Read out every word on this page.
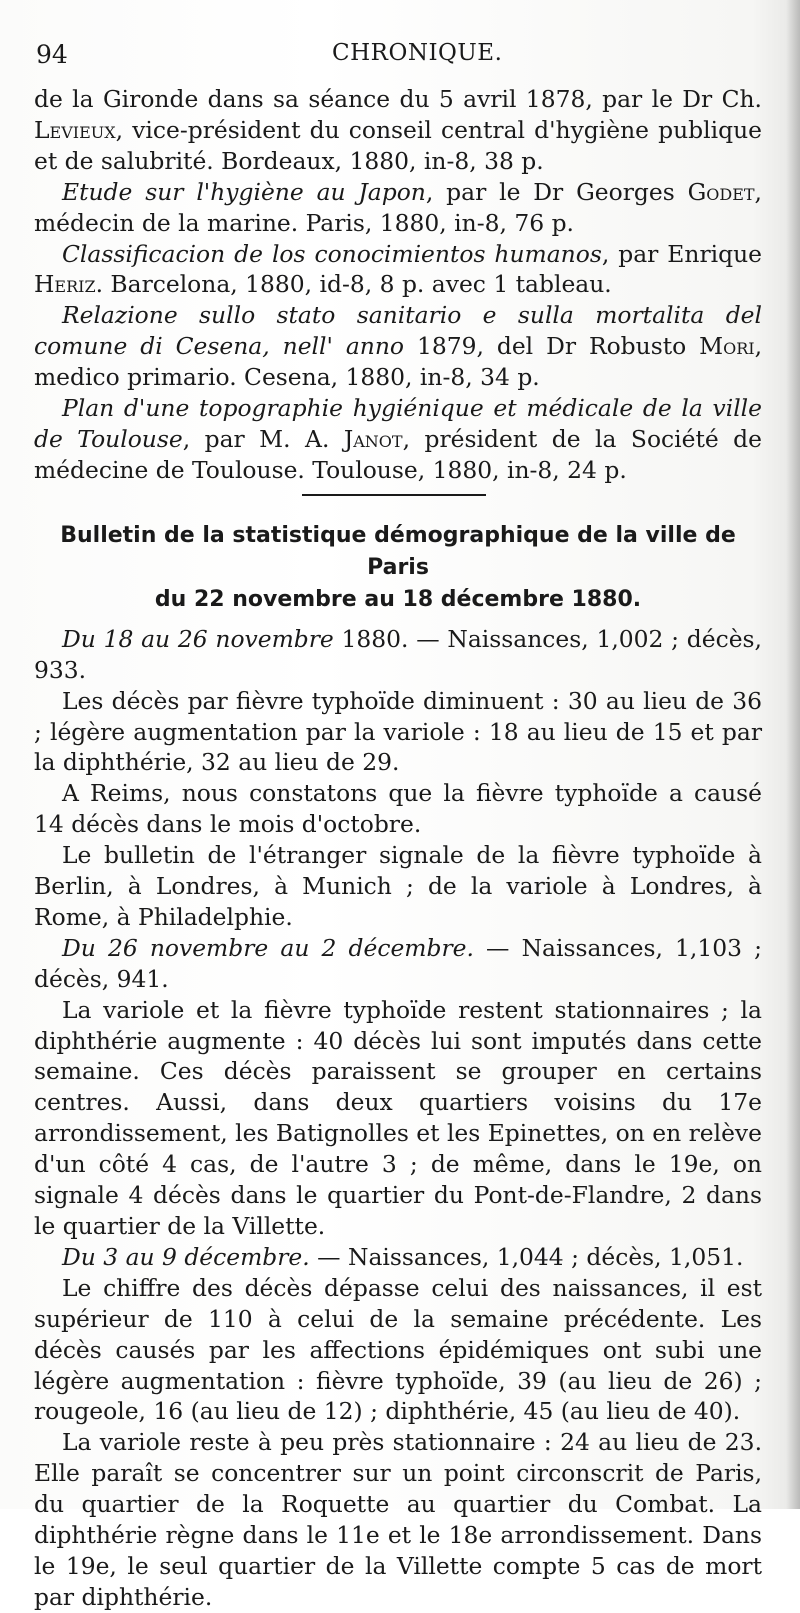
94	CHRONIQUE.

de la Gironde dans sa séance du 5 avril 1878, par le Dr Ch. Levieux, vice-président du conseil central d'hygiène publique et de salubrité. Bordeaux, 1880, in-8, 38 p.

Etude sur l'hygiène au Japon, par le Dr Georges Godet, médecin de la marine. Paris, 1880, in-8, 76 p.

Classificacion de los conocimientos humanos, par Enrique Heriz. Barcelona, 1880, id-8, 8 p. avec 1 tableau.

Relazione sullo stato sanitario e sulla mortalita del comune di Cesena, nell' anno 1879, del Dr Robusto Mori, medico primario. Cesena, 1880, in-8, 34 p.

Plan d'une topographie hygiénique et médicale de la ville de Toulouse, par M. A. Janot, président de la Société de médecine de Toulouse. Toulouse, 1880, in-8, 24 p.

Bulletin de la statistique démographique de la ville de Paris
du 22 novembre au 18 décembre 1880.

Du 18 au 26 novembre 1880. — Naissances, 1,002 ; décès, 933.

Les décès par fièvre typhoïde diminuent : 30 au lieu de 36 ; légère augmentation par la variole : 18 au lieu de 15 et par la diphthérie, 32 au lieu de 29.

A Reims, nous constatons que la fièvre typhoïde a causé 14 décès dans le mois d'octobre.

Le bulletin de l'étranger signale de la fièvre typhoïde à Berlin, à Londres, à Munich ; de la variole à Londres, à Rome, à Philadelphie.

Du 26 novembre au 2 décembre. — Naissances, 1,103 ; décès, 941.

La variole et la fièvre typhoïde restent stationnaires ; la diphthérie augmente : 40 décès lui sont imputés dans cette semaine. Ces décès paraissent se grouper en certains centres. Aussi, dans deux quartiers voisins du 17e arrondissement, les Batignolles et les Epinettes, on en relève d'un côté 4 cas, de l'autre 3 ; de même, dans le 19e, on signale 4 décès dans le quartier du Pont-de-Flandre, 2 dans le quartier de la Villette.

Du 3 au 9 décembre. — Naissances, 1,044 ; décès, 1,051.

Le chiffre des décès dépasse celui des naissances, il est supérieur de 110 à celui de la semaine précédente. Les décès causés par les affections épidémiques ont subi une légère augmentation : fièvre typhoïde, 39 (au lieu de 26) ; rougeole, 16 (au lieu de 12) ; diphthérie, 45 (au lieu de 40).

La variole reste à peu près stationnaire : 24 au lieu de 23. Elle paraît se concentrer sur un point circonscrit de Paris, du quartier de la Roquette au quartier du Combat. La diphthérie règne dans le 11e et le 18e arrondissement. Dans le 19e, le seul quartier de la Villette compte 5 cas de mort par diphthérie.
